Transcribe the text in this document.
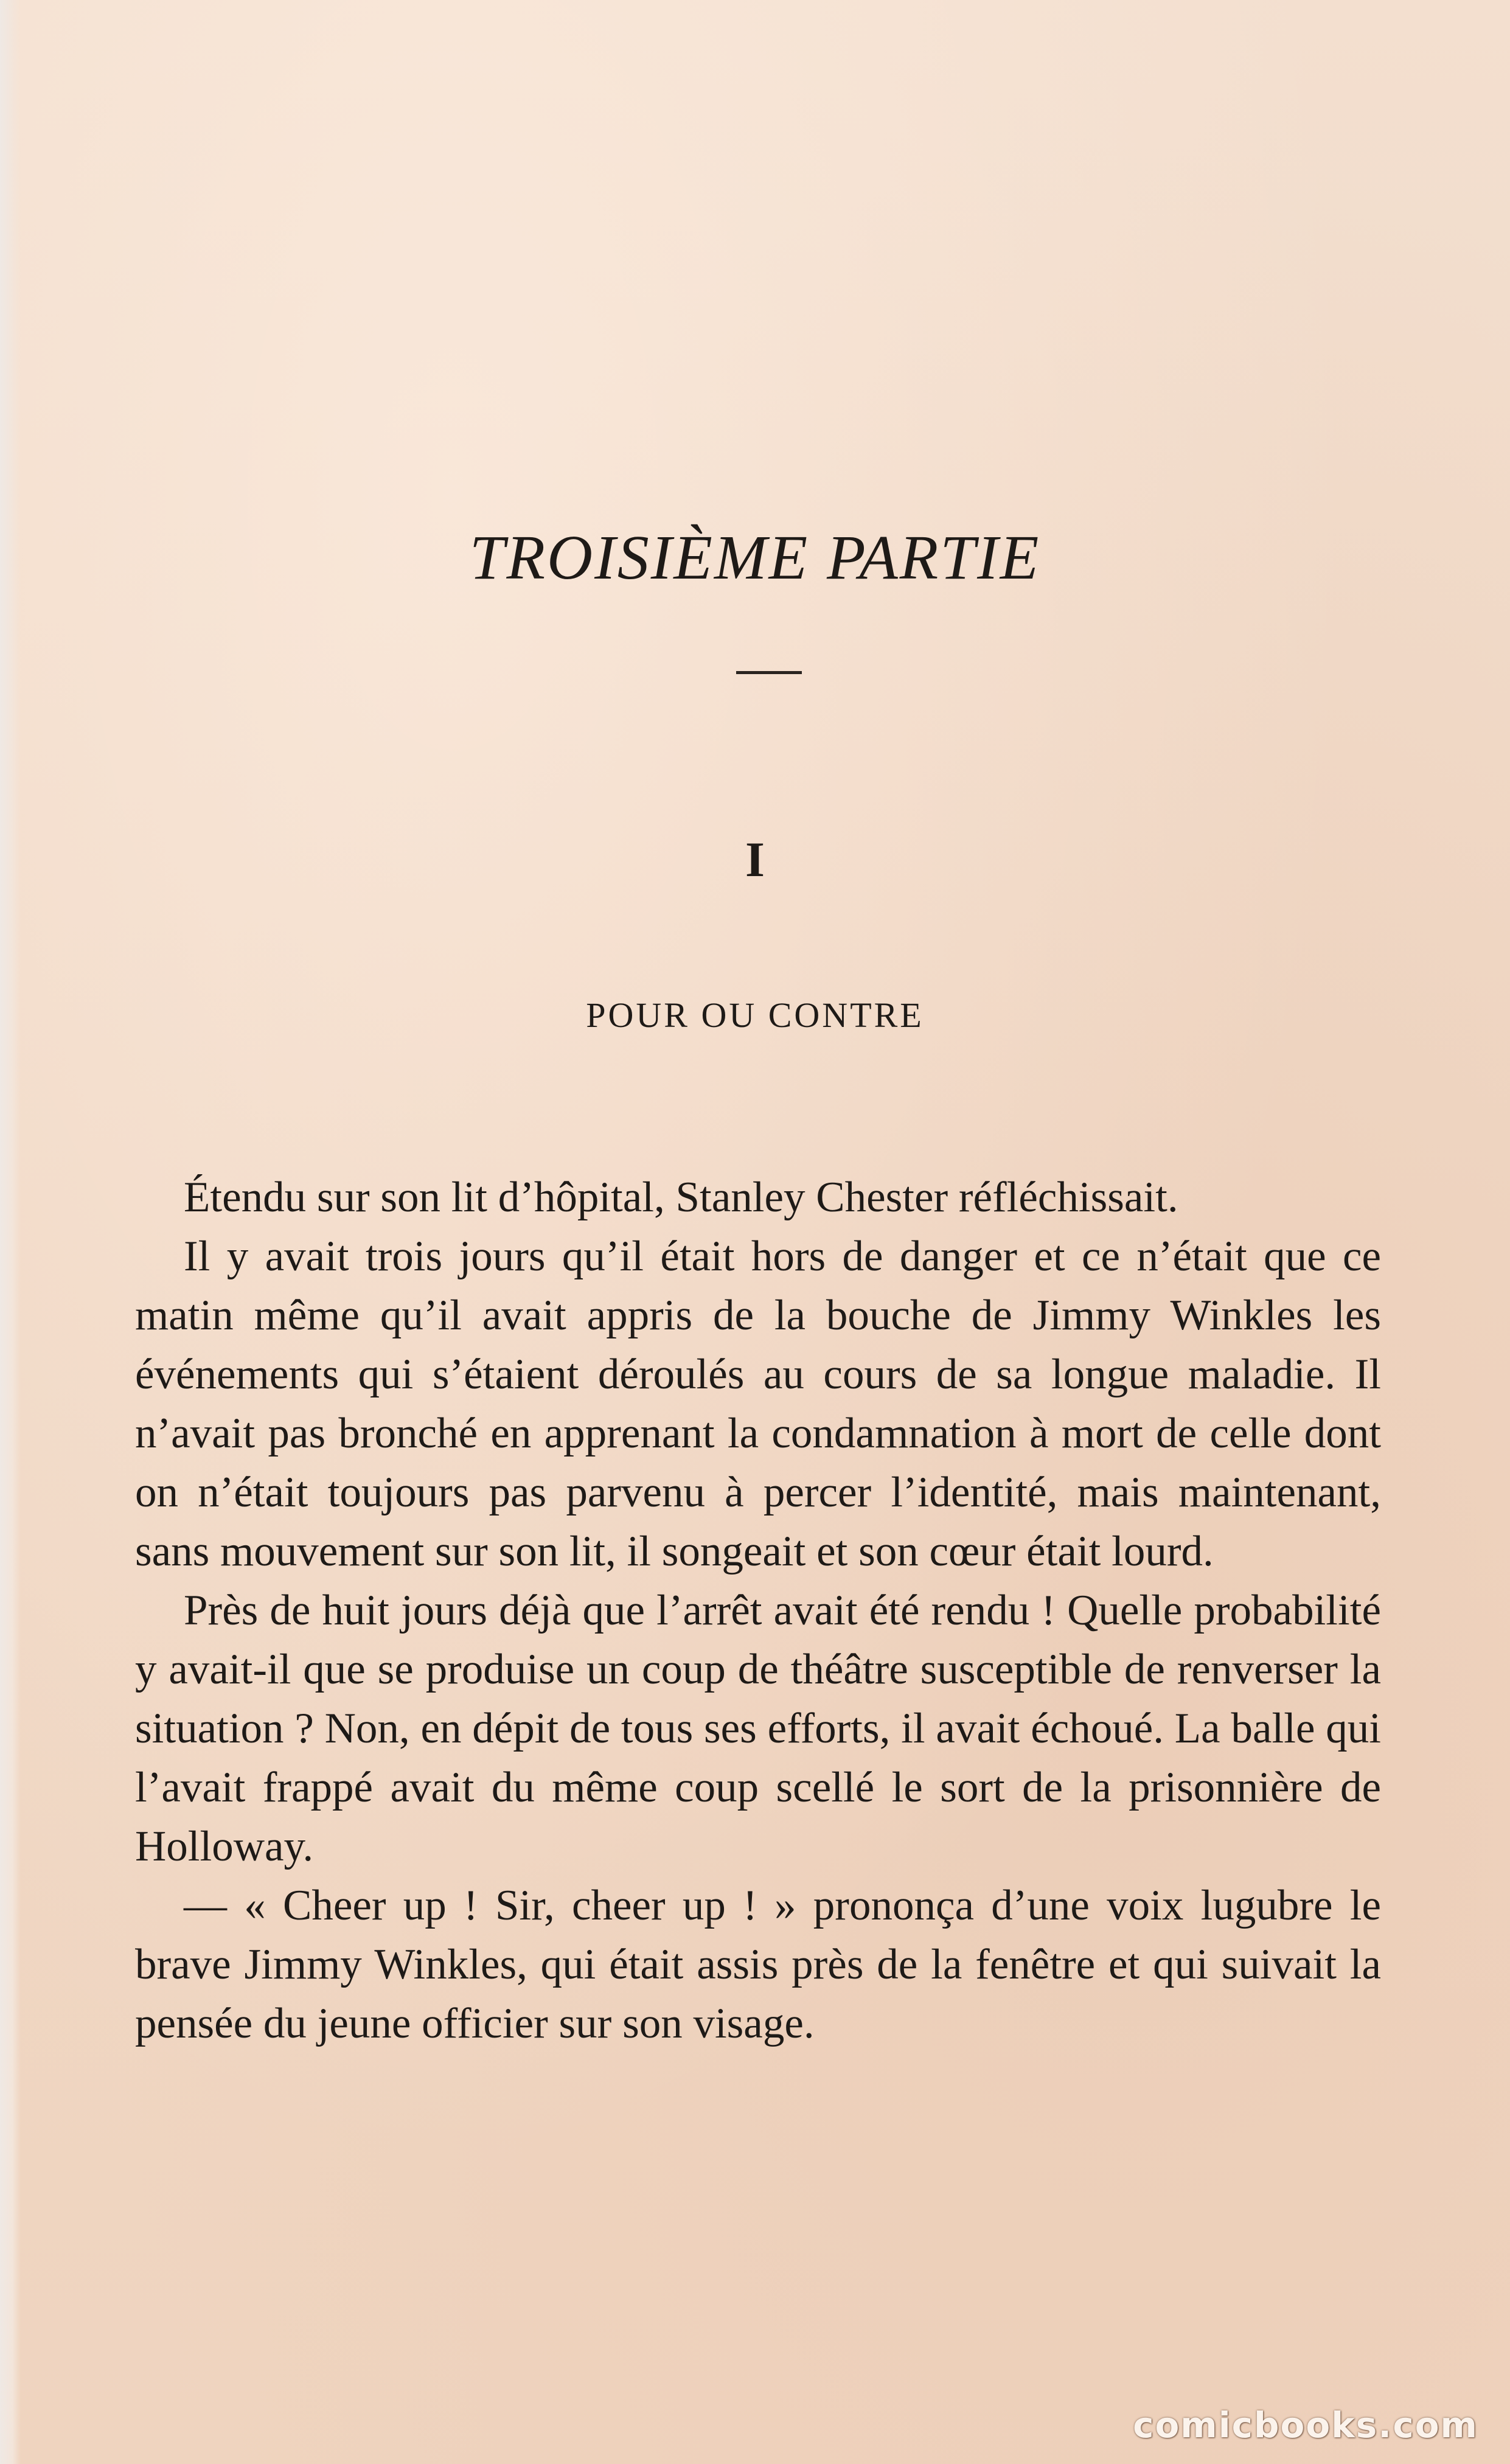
TROISIÈME PARTIE
I
POUR OU CONTRE

Étendu sur son lit d’hôpital, Stanley Chester réfléchissait.

Il y avait trois jours qu’il était hors de danger et ce n’était que ce matin même qu’il avait appris de la bouche de Jimmy Winkles les événements qui s’étaient déroulés au cours de sa longue maladie. Il n’avait pas bronché en apprenant la condamnation à mort de celle dont on n’était toujours pas parvenu à percer l’identité, mais maintenant, sans mouvement sur son lit, il songeait et son cœur était lourd.

Près de huit jours déjà que l’arrêt avait été rendu ! Quelle probabilité y avait-il que se produise un coup de théâtre susceptible de renverser la situation ? Non, en dépit de tous ses efforts, il avait échoué. La balle qui l’avait frappé avait du même coup scellé le sort de la prisonnière de Holloway.

— « Cheer up ! Sir, cheer up ! » prononça d’une voix lugubre le brave Jimmy Winkles, qui était assis près de la fenêtre et qui suivait la pensée du jeune officier sur son visage.

comicbooks.com
